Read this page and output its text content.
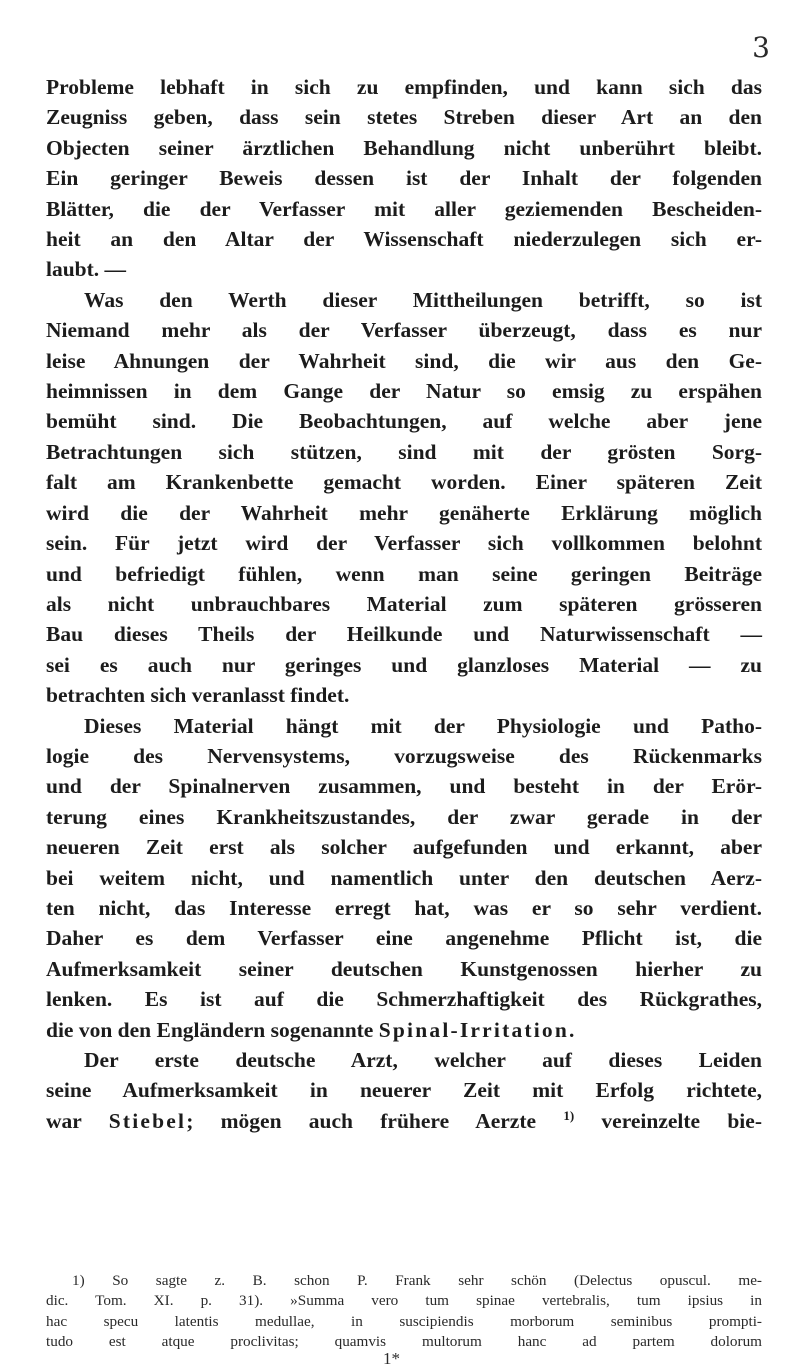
3

Probleme lebhaft in sich zu empfinden, und kann sich das
Zeugniss geben, dass sein stetes Streben dieser Art an den
Objecten seiner ärztlichen Behandlung nicht unberührt bleibt.
Ein geringer Beweis dessen ist der Inhalt der folgenden
Blätter, die der Verfasser mit aller geziemenden Bescheiden-
heit an den Altar der Wissenschaft niederzulegen sich er-
laubt. —

Was den Werth dieser Mittheilungen betrifft, so ist
Niemand mehr als der Verfasser überzeugt, dass es nur
leise Ahnungen der Wahrheit sind, die wir aus den Ge-
heimnissen in dem Gange der Natur so emsig zu erspähen
bemüht sind. Die Beobachtungen, auf welche aber jene
Betrachtungen sich stützen, sind mit der grösten Sorg-
falt am Krankenbette gemacht worden. Einer späteren Zeit
wird die der Wahrheit mehr genäherte Erklärung möglich
sein. Für jetzt wird der Verfasser sich vollkommen belohnt
und befriedigt fühlen, wenn man seine geringen Beiträge
als nicht unbrauchbares Material zum späteren grösseren
Bau dieses Theils der Heilkunde und Naturwissenschaft —
sei es auch nur geringes und glanzloses Material — zu
betrachten sich veranlasst findet.

Dieses Material hängt mit der Physiologie und Patho-
logie des Nervensystems, vorzugsweise des Rückenmarks
und der Spinalnerven zusammen, und besteht in der Erör-
terung eines Krankheitszustandes, der zwar gerade in der
neueren Zeit erst als solcher aufgefunden und erkannt, aber
bei weitem nicht, und namentlich unter den deutschen Aerz-
ten nicht, das Interesse erregt hat, was er so sehr verdient.
Daher es dem Verfasser eine angenehme Pflicht ist, die
Aufmerksamkeit seiner deutschen Kunstgenossen hierher zu
lenken. Es ist auf die Schmerzhaftigkeit des Rückgrathes,
die von den Engländern sogenannte Spinal-Irritation.

Der erste deutsche Arzt, welcher auf dieses Leiden
seine Aufmerksamkeit in neuerer Zeit mit Erfolg richtete,
war Stiebel; mögen auch frühere Aerzte $^{1)}$ vereinzelte bie-

1) So sagte z. B. schon P. Frank sehr schön (Delectus opuscul. me-
dic. Tom. XI. p. 31). »Summa vero tum spinae vertebralis, tum ipsius in
hac specu latentis medullae, in suscipiendis morborum seminibus prompti-
tudo est atque proclivitas; quamvis multorum hanc ad partem dolorum
1*
